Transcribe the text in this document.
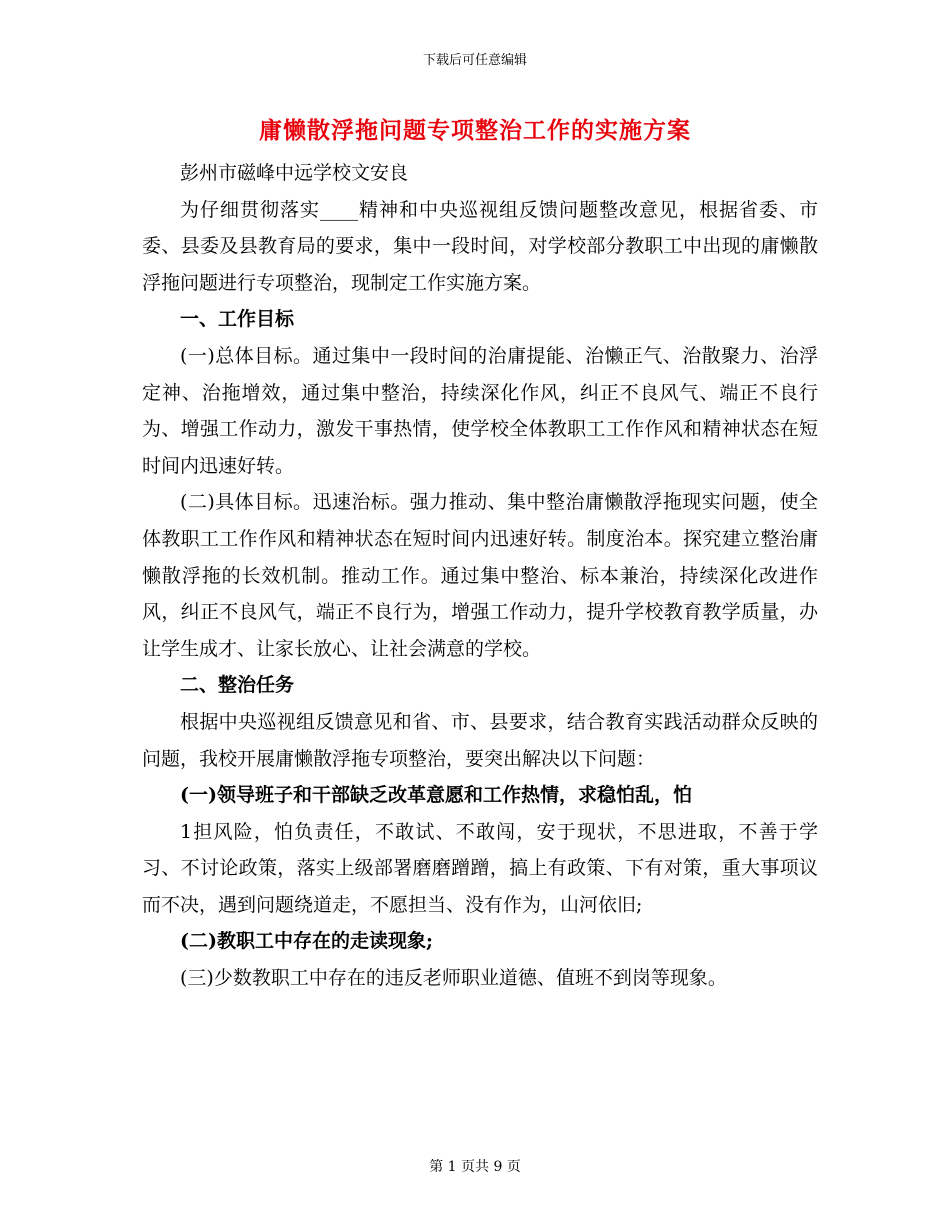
下载后可任意编辑
庸懒散浮拖问题专项整治工作的实施方案

彭州市磁峰中远学校文安良

为仔细贯彻落实____精神和中央巡视组反馈问题整改意见，根据省委、市委、县委及县教育局的要求，集中一段时间，对学校部分教职工中出现的庸懒散浮拖问题进行专项整治，现制定工作实施方案。

一、工作目标

(一)总体目标。通过集中一段时间的治庸提能、治懒正气、治散聚力、治浮定神、治拖增效，通过集中整治，持续深化作风，纠正不良风气、端正不良行为、增强工作动力，激发干事热情，使学校全体教职工工作作风和精神状态在短时间内迅速好转。

(二)具体目标。迅速治标。强力推动、集中整治庸懒散浮拖现实问题，使全体教职工工作作风和精神状态在短时间内迅速好转。制度治本。探究建立整治庸懒散浮拖的长效机制。推动工作。通过集中整治、标本兼治，持续深化改进作风，纠正不良风气，端正不良行为，增强工作动力，提升学校教育教学质量，办让学生成才、让家长放心、让社会满意的学校。

二、整治任务

根据中央巡视组反馈意见和省、市、县要求，结合教育实践活动群众反映的问题，我校开展庸懒散浮拖专项整治，要突出解决以下问题：

(一)领导班子和干部缺乏改革意愿和工作热情，求稳怕乱，怕

1担风险，怕负责任，不敢试、不敢闯，安于现状，不思进取，不善于学习、不讨论政策，落实上级部署磨磨蹭蹭，搞上有政策、下有对策，重大事项议而不决，遇到问题绕道走，不愿担当、没有作为，山河依旧;

(二)教职工中存在的走读现象;

(三)少数教职工中存在的违反老师职业道德、值班不到岗等现象。

第 1 页共 9 页
